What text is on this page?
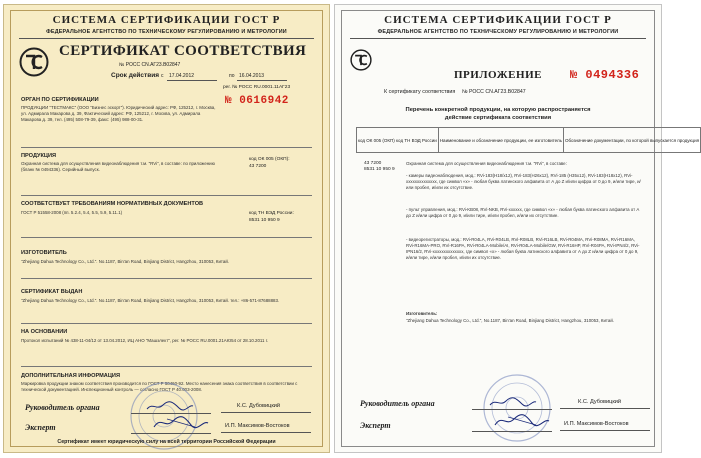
СИСТЕМА СЕРТИФИКАЦИИ ГОСТ Р
ФЕДЕРАЛЬНОЕ АГЕНТСТВО ПО ТЕХНИЧЕСКОМУ РЕГУЛИРОВАНИЮ И МЕТРОЛОГИИ
СЕРТИФИКАТ СООТВЕТСТВИЯ
№ РОСС CN.АГ23.В02847
Срок действия с 17.04.2012	по 16.04.2013
рег. № РОСС RU.0001.11АГ23
№ 0616942
ОРГАН ПО СЕРТИФИКАЦИИ
ПРОДУКЦИИ "ТЕСТМАКС" (ООО "Бизнес эскорт"). Юридический адрес: РФ, 125212, г. Москва, ул. Адмирала Макарова д. 39, Фактический адрес: РФ, 125212, г. Москва, ул. Адмирала Макарова д. 39, тел. (495) 508-79-39, факс: (495) 988-00-31.
ПРОДУКЦИЯ
Охранная система для осуществления видеонаблюдения т.м. "RVi", в составе: по приложению (бланк № 0494336). Серийный выпуск.
код ОК 005 (ОКП):
43 7200
СООТВЕТСТВУЕТ ТРЕБОВАНИЯМ НОРМАТИВНЫХ ДОКУМЕНТОВ
ГОСТ Р 51558-2008 (пп. 5.2.4, 5.4, 5.5, 5.9, 5.11.1)	код ТН ВЭД России:
8531 10 950 9
ИЗГОТОВИТЕЛЬ
"Zhejiang Dahua Technology Co., Ltd.". No.1187, Bin'an Road, Binjiang District, Hangzhou, 310053, Китай.
СЕРТИФИКАТ ВЫДАН
"Zhejiang Dahua Technology Co., Ltd.". No.1187, Bin'an Road, Binjiang District, Hangzhou, 310053, Китай. тел.: +86-571-87688883.
НА ОСНОВАНИИ
Протокол испытаний № 438-11-04/12 от 13.04.2012, ИЦ АНО "Машэлект", рег. № РОСС RU.0001.21АЮ54 от 28.10.2011 г.
ДОПОЛНИТЕЛЬНАЯ ИНФОРМАЦИЯ
Маркировка продукции знаком соответствия производится по ГОСТ Р 50460-92. Место нанесения знака соответствия в соответствии с технической документацией. Инспекционный контроль — согласно ГОСТ Р 40.003-2008.
Руководитель органа	К.С. Дубовицкий
Эксперт	И.П. Максимов-Востоков
Сертификат имеет юридическую силу на всей территории Российской Федерации
СИСТЕМА СЕРТИФИКАЦИИ ГОСТ Р
ФЕДЕРАЛЬНОЕ АГЕНТСТВО ПО ТЕХНИЧЕСКОМУ РЕГУЛИРОВАНИЮ И МЕТРОЛОГИИ
ПРИЛОЖЕНИЕ № 0494336
К сертификату соответствия № РОСС CN.АГ23.В02847
Перечень конкретной продукции, на которую распространяется
действие сертификата соответствия
код ОК 005 (ОКП) код ТН ВЭД России	Наименование и обозначение продукции, ее изготовитель	Обозначение документации, по которой выпускается продукция
43 7200
8531 10 950 9
Охранная система для осуществления видеонаблюдения т.м. "RVi", в составе:
- камеры видеонаблюдения, мод.: RVi-183(H18/x12), RVi-183(H26x12), RVi-185 (H35x12), RVi-183(H18x12), RVi-xxxxxxxxxxxxxx, где символ «x» - любая буква латинского алфавита от А до Z и/или цифра от 0 до 9, и/или тире, и/или пробел, и/или их отсутствие.
- пульт управления, мод.: RVi-KB08, RVi-NKB, RVi-xxxxxx, где символ «x» - любая буква латинского алфавита от А до Z и/или цифра от 0 до 9, и/или тире, и/или пробел, и/или их отсутствие.
- видеорегистраторы, мод.: RVi-R04LA, RVi-R04LB, RVi-R08LB, RVi-R16LB, RVi-R04MA, RVi-R08MA, RVi-R16MA, RVi-R16MA-PRO, RVi-R16PA, RVi-R04LA-Mobile/AI, RVi-R04LA-Mobile/GW, RVi-R16HP, RVi-R04PA, RVi-IPN4/2, RVi-IPN16/2, RVi-xxxxxxxxxxxxxx, где символ «x» - любая буква латинского алфавита от А до Z и/или цифра от 0 до 9, и/или тире, и/или пробел, и/или их отсутствие.
Изготовитель:
"Zhejiang Dahua Technology Co., Ltd.", No.1187, Bin'an Road, Binjiang District, Hangzhou, 310053, Китай.
Руководитель органа	К.С. Дубовицкий
Эксперт	И.П. Максимов-Востоков
